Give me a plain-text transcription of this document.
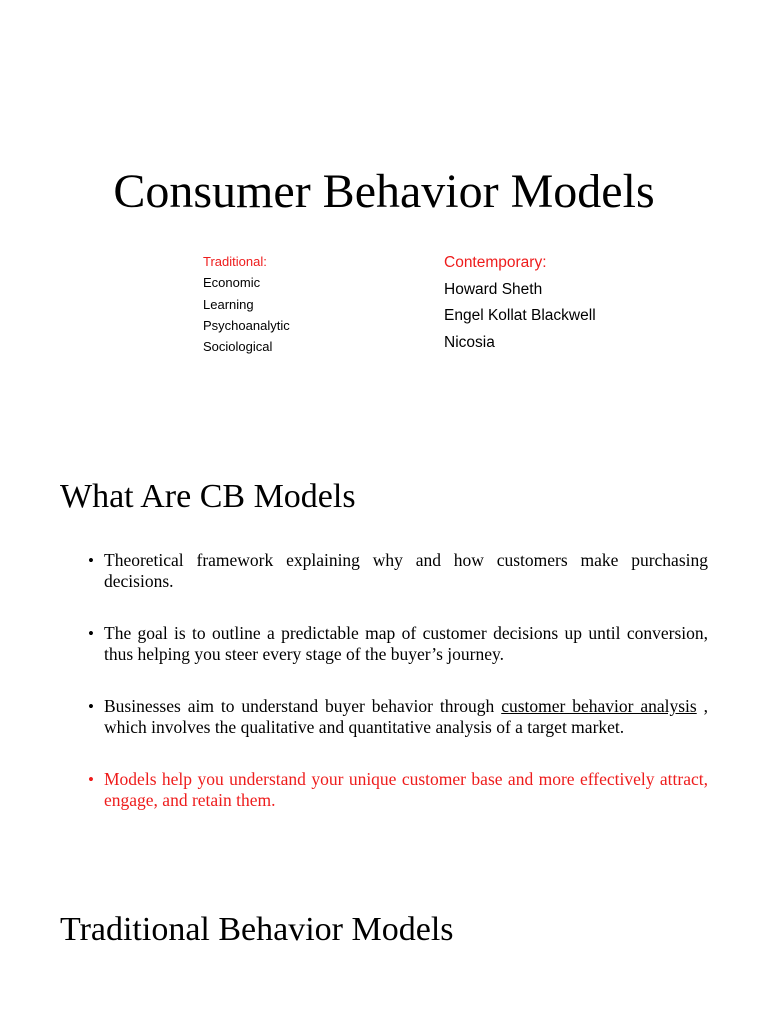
Consumer Behavior Models
Traditional:
Economic
Learning
Psychoanalytic
Sociological
Contemporary:
Howard Sheth
Engel Kollat Blackwell
Nicosia
What Are CB Models
• Theoretical framework explaining why and how customers make purchasing decisions.
• The goal is to outline a predictable map of customer decisions up until conversion, thus helping you steer every stage of the buyer’s journey.
• Businesses aim to understand buyer behavior through customer behavior analysis , which involves the qualitative and quantitative analysis of a target market.
• Models help you understand your unique customer base and more effectively attract, engage, and retain them.
Traditional Behavior Models
